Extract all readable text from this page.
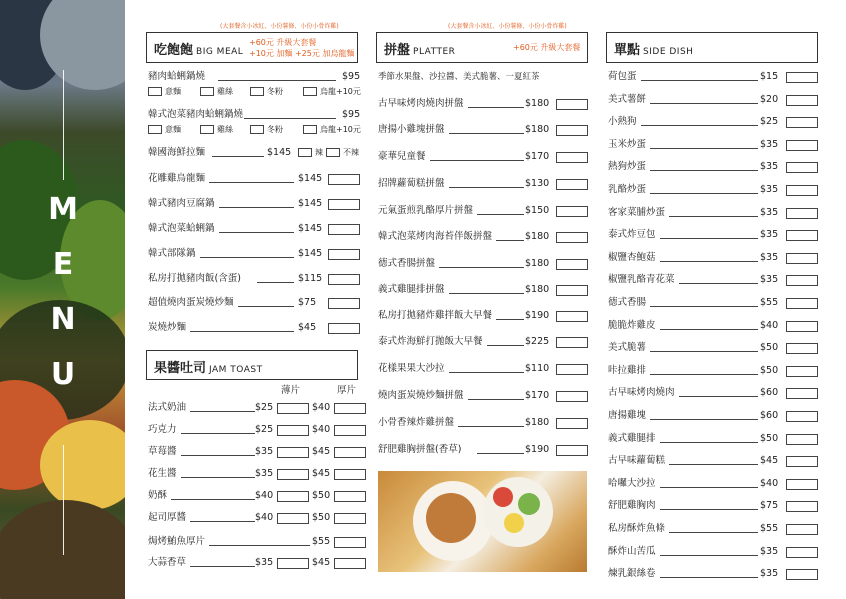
M
E
N
U
(大套餐含小冰紅、小份薯條、小份小骨炸雞)
吃飽飽 BIG MEAL
+60元 升級大套餐
+10元 加麵 +25元 加烏龍麵
豬肉蛤蜊鍋燒	$95
意麵	雞絲	冬粉	烏龍+10元
韓式泡菜豬肉蛤蜊鍋燒	$95
意麵	雞絲	冬粉	烏龍+10元
韓國海鮮拉麵	$145	辣	不辣
花雕雞烏龍麵	$145
韓式豬肉豆腐鍋	$145
韓式泡菜蛤蜊鍋	$145
韓式部隊鍋	$145
私房打拋豬肉飯(含蛋)	$115
超值燒肉蛋炭燒炒麵	$75
炭燒炒麵	$45
果醬吐司 JAM TOAST
薄片	厚片
法式奶油	$25	$40
巧克力	$25	$40
草莓醬	$35	$45
花生醬	$35	$45
奶酥	$40	$50
起司厚醬	$40	$50
焗烤鮪魚厚片	$55
大蒜香草	$35	$45
(大套餐含小冰紅、小份薯條、小份小骨炸雞)
拼盤 PLATTER	+60元 升級大套餐
季節水果盤、沙拉醬、美式脆薯、一夏紅茶
古早味烤肉燒肉拼盤	$180
唐揚小雞塊拼盤	$180
豪華兒童餐	$170
招牌蘿蔔糕拼盤	$130
元氣蛋煎乳酪厚片拼盤	$150
韓式泡菜烤肉海苔伴飯拼盤	$180
德式香腸拼盤	$180
義式雞腿排拼盤	$180
私房打拋豬炸雞拌飯大早餐	$190
泰式炸海鮮打拋飯大早餐	$225
花樣果果大沙拉	$110
燒肉蛋炭燒炒麵拼盤	$170
小骨香辣炸雞拼盤	$180
舒肥雞胸拼盤(香草)	$190
單點 SIDE DISH
荷包蛋	$15
美式薯餅	$20
小熱狗	$25
玉米炒蛋	$35
熱狗炒蛋	$35
乳酪炒蛋	$35
客家菜脯炒蛋	$35
泰式炸豆包	$35
椒鹽杏鮑菇	$35
椒鹽乳酪青花菜	$35
德式香腸	$55
脆脆炸雞皮	$40
美式脆薯	$50
咔拉雞排	$50
古早味烤肉燒肉	$60
唐揚雞塊	$60
義式雞腿排	$50
古早味蘿蔔糕	$45
哈囉大沙拉	$40
舒肥雞胸肉	$75
私房酥炸魚條	$55
酥炸山苦瓜	$35
煉乳銀絲卷	$35
